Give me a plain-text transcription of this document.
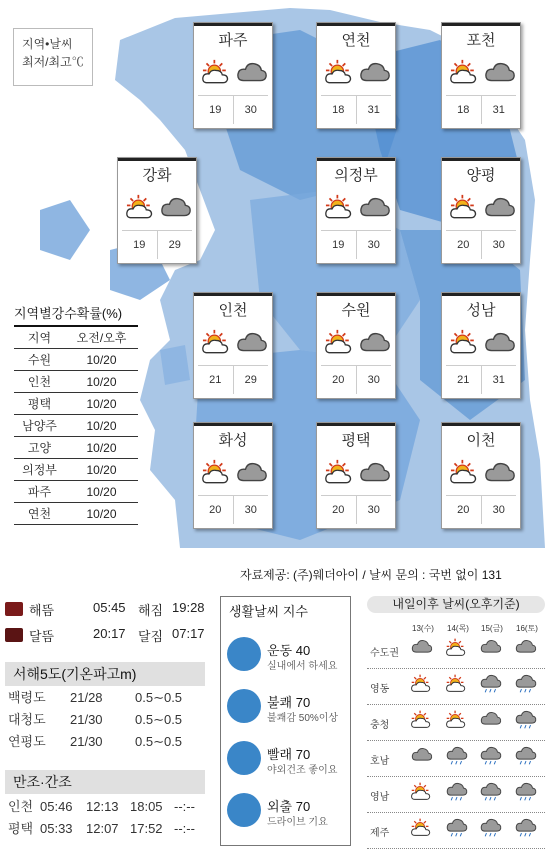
지역•날씨
최저/최고℃
파주
19	30
연천
18	31
포천
18	31
강화
19	29
의정부
19	30
양평
20	30
인천
21	29
수원
20	30
성남
21	31
화성
20	30
평택
20	30
이천
20	30
지역별강수확률(%)
지역	오전/오후
수원	10/20
인천	10/20
평택	10/20
남양주	10/20
고양	10/20
의정부	10/20
파주	10/20
연천	10/20
자료제공: (주)웨더아이 / 날씨 문의 : 국번 없이 131
해뜸	05:45 해짐 19:28
달뜸	20:17 달짐 07:17
서해5도(기온파고m)
백령도 21/28 0.5∼0.5
대청도 21/30 0.5∼0.5
연평도 21/30 0.5∼0.5
만조·간조
인천 05:46 12:13 18:05 --:--
평택 05:33 12:07 17:52 --:--
생활날씨 지수
운동 40
실내에서 하세요
불쾌 70
불쾌감 50%이상
빨래 70
야외건조 좋이요
외출 70
드라이브 기요
내일이후 날씨(오후기준)
13(수) 14(목) 15(금) 16(토)
수도권
영동
충청
호남
영남
제주
